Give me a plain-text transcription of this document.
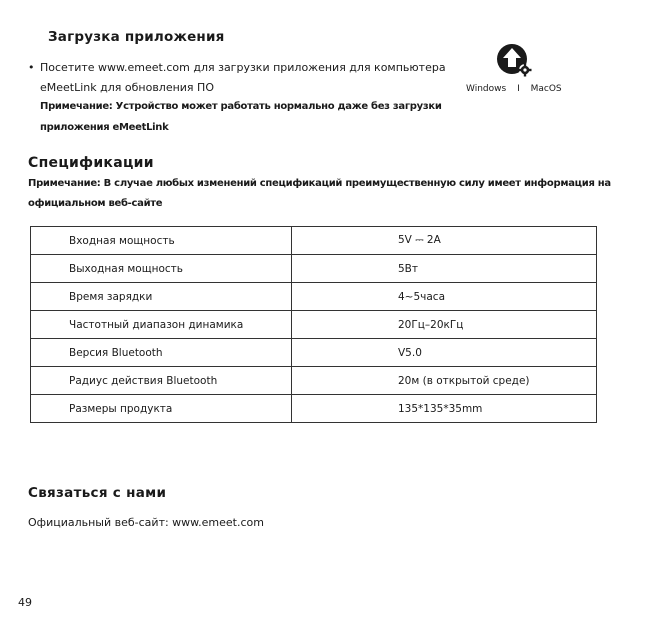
Загрузка приложения
• Посетите www.emeet.com для загрузки приложения для компьютера
eMeetLink для обновления ПО
Примечание: Устройство может работать нормально даже без загрузки
приложения eMeetLink
Windows I MacOS
Спецификации
Примечание: В случае любых изменений спецификаций преимущественную силу имеет информация на
официальном веб-сайте
Входная мощность	5V ⎓ 2A
Выходная мощность	5Вт
Время зарядки	4~5часа
Частотный диапазон динамика	20Гц–20кГц
Версия Bluetooth	V5.0
Радиус действия Bluetooth	20м (в открытой среде)
Размеры продукта	135*135*35mm
Связаться с нами
Официальный веб-сайт: www.emeet.com
49
